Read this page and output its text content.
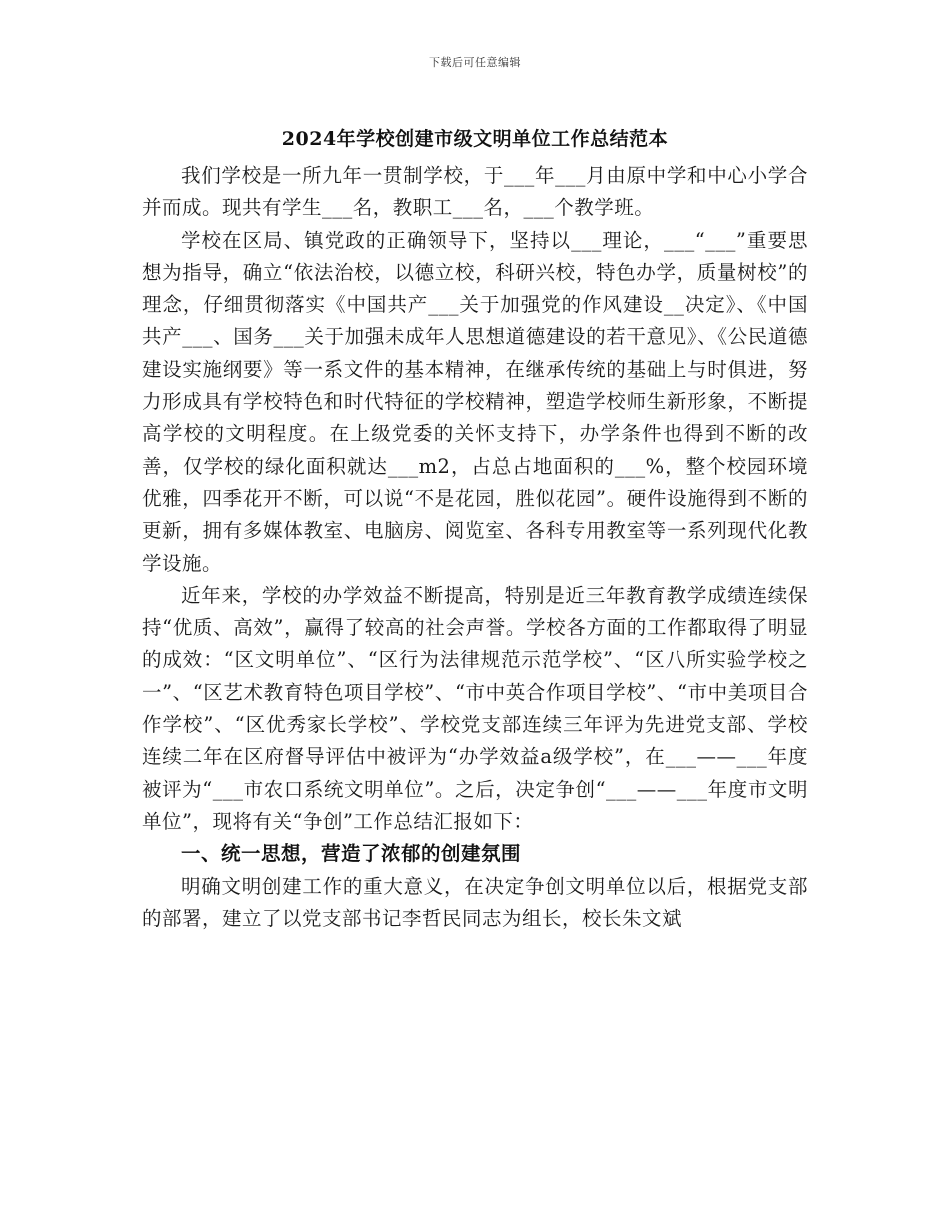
下载后可任意编辑
2024年学校创建市级文明单位工作总结范本

我们学校是一所九年一贯制学校，于___年___月由原中学和中心小学合并而成。现共有学生___名，教职工___名，___个教学班。

学校在区局、镇党政的正确领导下，坚持以___理论，___“___”重要思想为指导，确立“依法治校，以德立校，科研兴校，特色办学，质量树校”的理念，仔细贯彻落实《中国共产___关于加强党的作风建设__决定》、《中国共产___、国务___关于加强未成年人思想道德建设的若干意见》、《公民道德建设实施纲要》等一系文件的基本精神，在继承传统的基础上与时俱进，努力形成具有学校特色和时代特征的学校精神，塑造学校师生新形象，不断提高学校的文明程度。在上级党委的关怀支持下，办学条件也得到不断的改善，仅学校的绿化面积就达___m2，占总占地面积的___%，整个校园环境优雅，四季花开不断，可以说“不是花园，胜似花园”。硬件设施得到不断的更新，拥有多媒体教室、电脑房、阅览室、各科专用教室等一系列现代化教学设施。

近年来，学校的办学效益不断提高，特别是近三年教育教学成绩连续保持“优质、高效”，赢得了较高的社会声誉。学校各方面的工作都取得了明显的成效：“区文明单位”、“区行为法律规范示范学校”、“区八所实验学校之一”、“区艺术教育特色项目学校”、“市中英合作项目学校”、“市中美项目合作学校”、“区优秀家长学校”、学校党支部连续三年评为先进党支部、学校连续二年在区府督导评估中被评为“办学效益a级学校”，在___——___年度被评为“___市农口系统文明单位”。之后，决定争创“___——___年度市文明单位”，现将有关“争创”工作总结汇报如下：

一、统一思想，营造了浓郁的创建氛围

明确文明创建工作的重大意义，在决定争创文明单位以后，根据党支部的部署，建立了以党支部书记李哲民同志为组长，校长朱文斌
